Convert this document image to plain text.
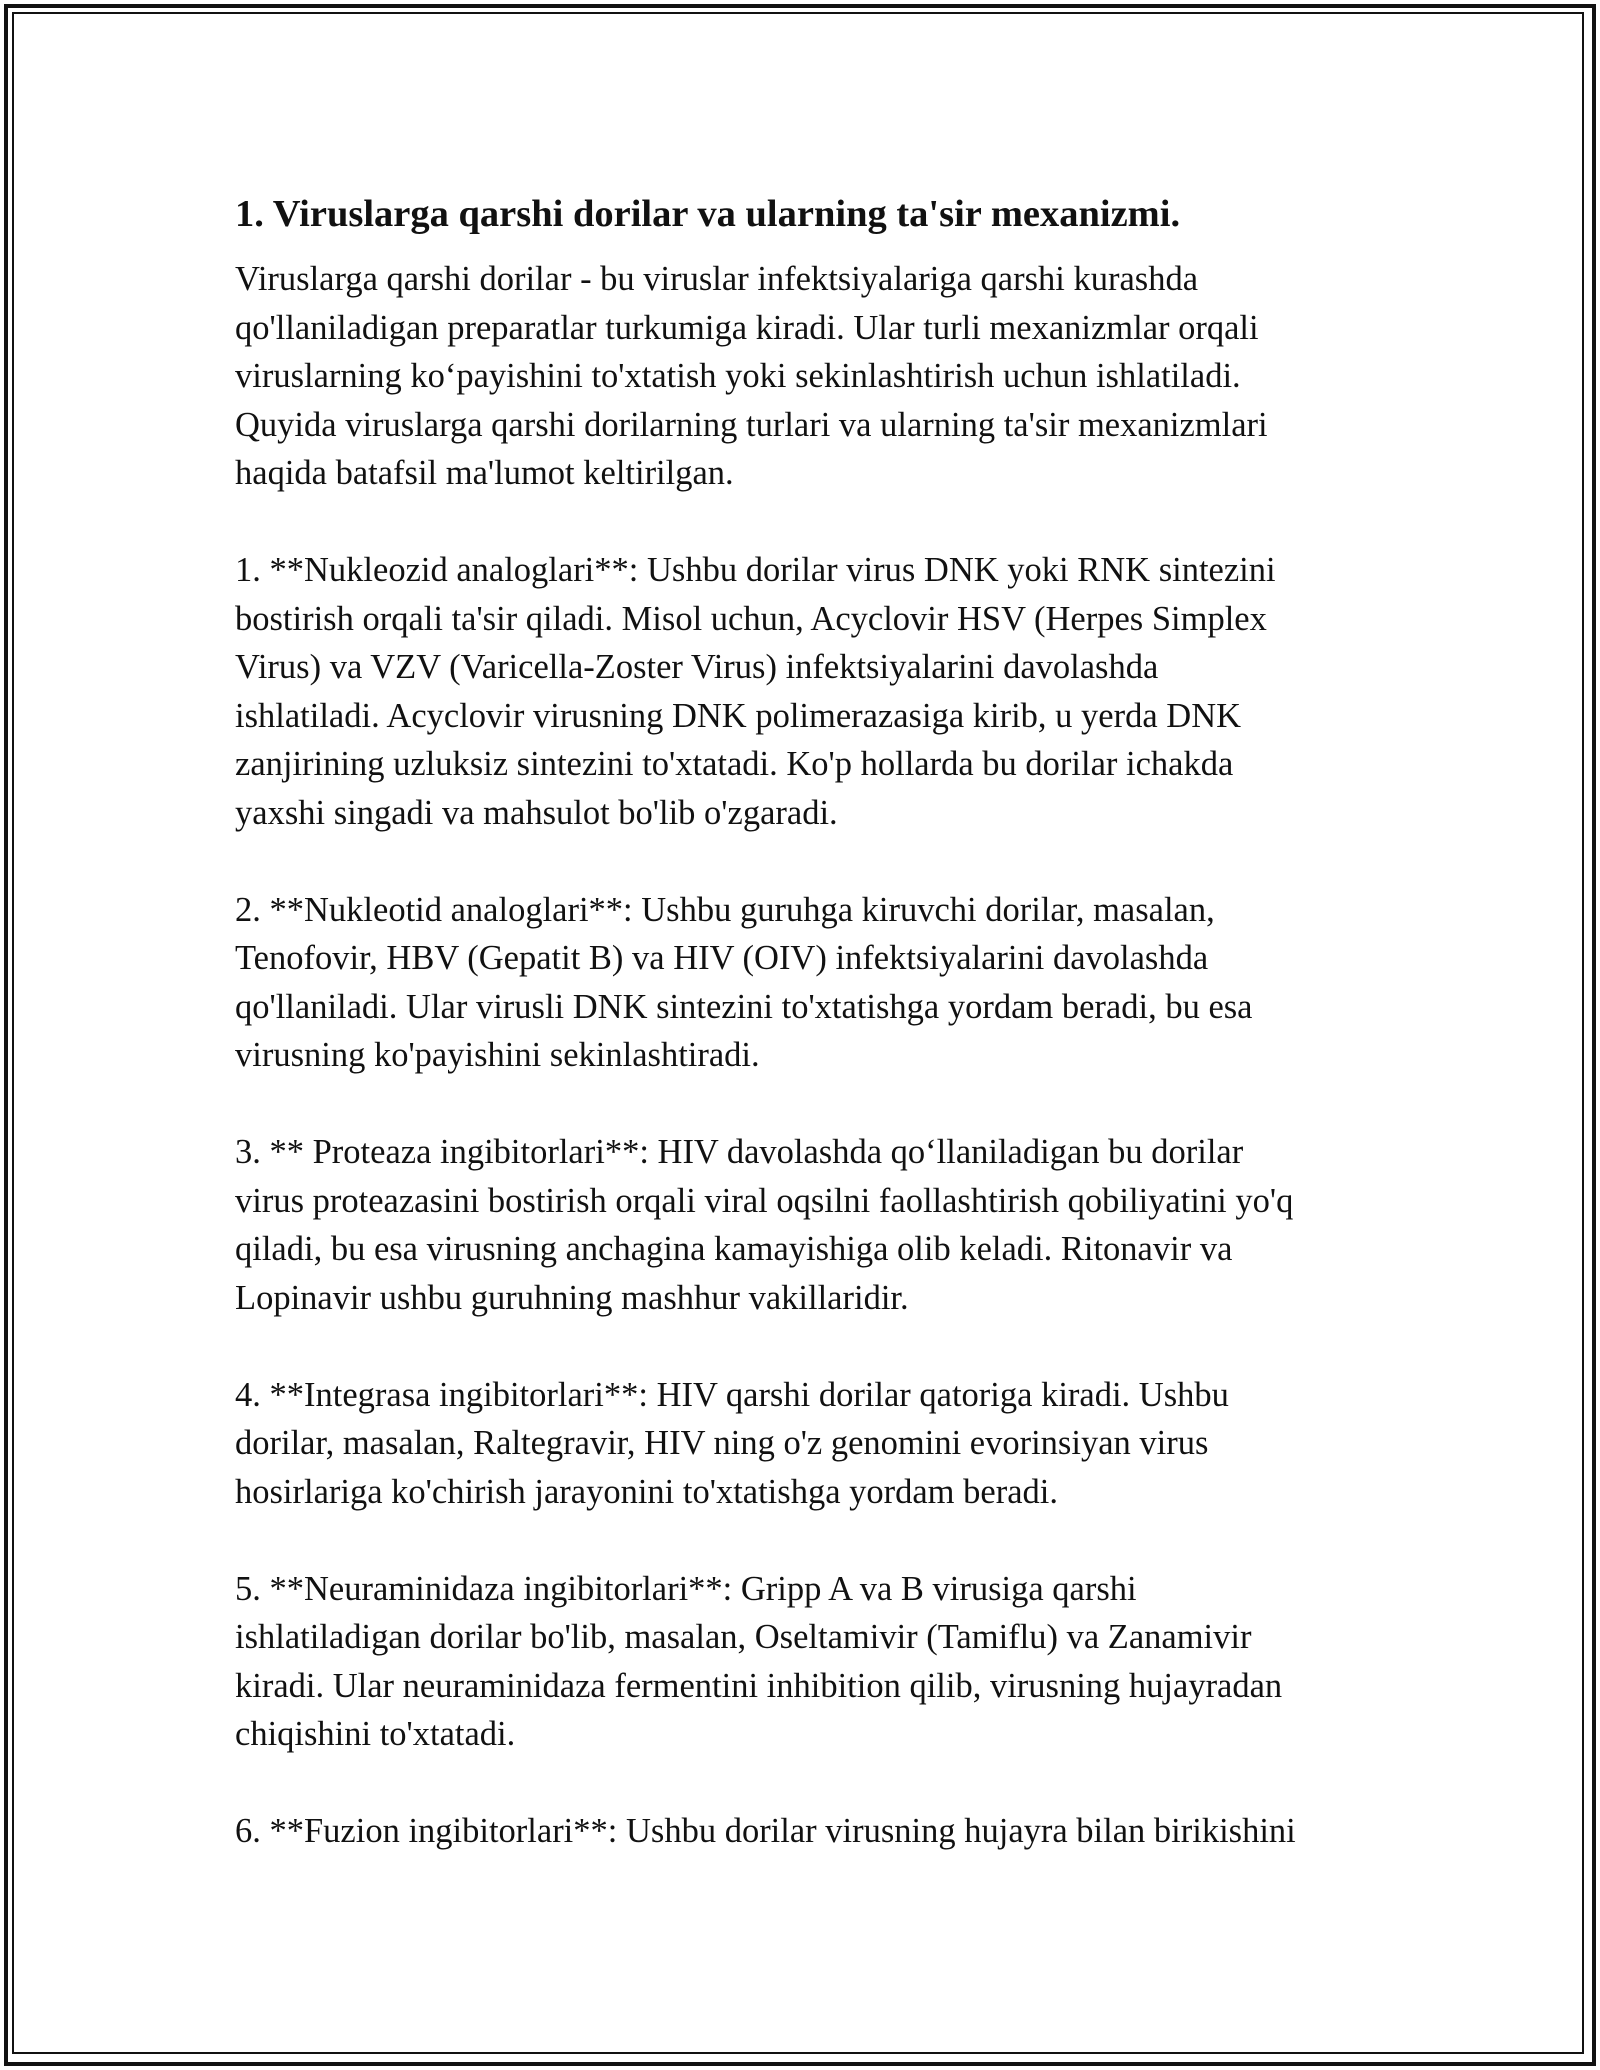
1. Viruslarga qarshi dorilar va ularning ta'sir mexanizmi.
Viruslarga qarshi dorilar - bu viruslar infektsiyalariga qarshi kurashda
qo'llaniladigan preparatlar turkumiga kiradi. Ular turli mexanizmlar orqali
viruslarning ko‘payishini to'xtatish yoki sekinlashtirish uchun ishlatiladi.
Quyida viruslarga qarshi dorilarning turlari va ularning ta'sir mexanizmlari
haqida batafsil ma'lumot keltirilgan.
1. **Nukleozid analoglari**: Ushbu dorilar virus DNK yoki RNK sintezini
bostirish orqali ta'sir qiladi. Misol uchun, Acyclovir HSV (Herpes Simplex
Virus) va VZV (Varicella-Zoster Virus) infektsiyalarini davolashda
ishlatiladi. Acyclovir virusning DNK polimerazasiga kirib, u yerda DNK
zanjirining uzluksiz sintezini to'xtatadi. Ko'p hollarda bu dorilar ichakda
yaxshi singadi va mahsulot bo'lib o'zgaradi.
2. **Nukleotid analoglari**: Ushbu guruhga kiruvchi dorilar, masalan,
Tenofovir, HBV (Gepatit B) va HIV (OIV) infektsiyalarini davolashda
qo'llaniladi. Ular virusli DNK sintezini to'xtatishga yordam beradi, bu esa
virusning ko'payishini sekinlashtiradi.
3. ** Proteaza ingibitorlari**: HIV davolashda qo‘llaniladigan bu dorilar
virus proteazasini bostirish orqali viral oqsilni faollashtirish qobiliyatini yo'q
qiladi, bu esa virusning anchagina kamayishiga olib keladi. Ritonavir va
Lopinavir ushbu guruhning mashhur vakillaridir.
4. **Integrasa ingibitorlari**: HIV qarshi dorilar qatoriga kiradi. Ushbu
dorilar, masalan, Raltegravir, HIV ning o'z genomini evorinsiyan virus
hosirlariga ko'chirish jarayonini to'xtatishga yordam beradi.
5. **Neuraminidaza ingibitorlari**: Gripp A va B virusiga qarshi
ishlatiladigan dorilar bo'lib, masalan, Oseltamivir (Tamiflu) va Zanamivir
kiradi. Ular neuraminidaza fermentini inhibition qilib, virusning hujayradan
chiqishini to'xtatadi.
6. **Fuzion ingibitorlari**: Ushbu dorilar virusning hujayra bilan birikishini
